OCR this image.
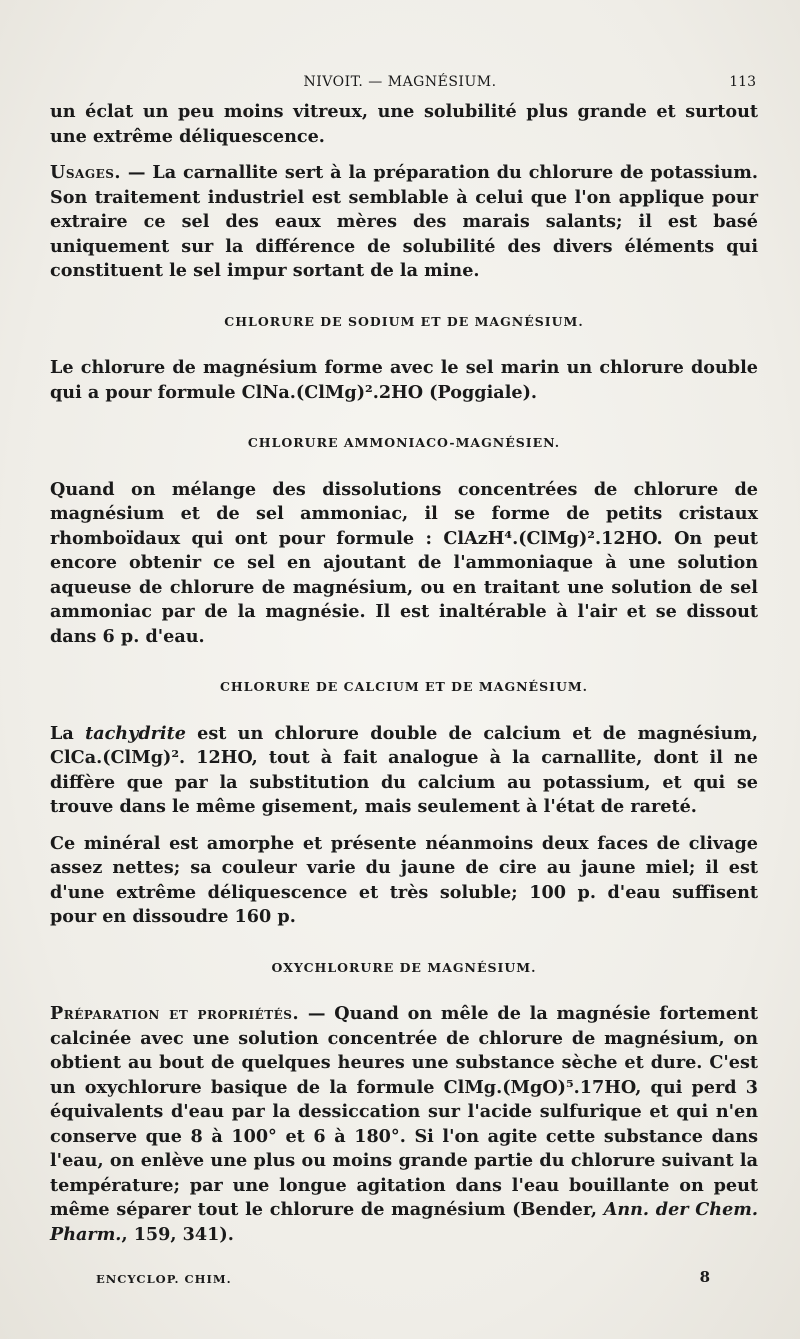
NIVOIT. — MAGNÉSIUM.	113

un éclat un peu moins vitreux, une solubilité plus grande et surtout une extrême déliquescence.

Usages. — La carnallite sert à la préparation du chlorure de potassium. Son traitement industriel est semblable à celui que l'on applique pour extraire ce sel des eaux mères des marais salants; il est basé uniquement sur la différence de solubilité des divers éléments qui constituent le sel impur sortant de la mine.

CHLORURE DE SODIUM ET DE MAGNÉSIUM.

Le chlorure de magnésium forme avec le sel marin un chlorure double qui a pour formule ClNa.(ClMg)².2HO (Poggiale).

CHLORURE AMMONIACO-MAGNÉSIEN.

Quand on mélange des dissolutions concentrées de chlorure de magnésium et de sel ammoniac, il se forme de petits cristaux rhomboïdaux qui ont pour formule : ClAzH⁴.(ClMg)².12HO. On peut encore obtenir ce sel en ajoutant de l'ammoniaque à une solution aqueuse de chlorure de magnésium, ou en traitant une solution de sel ammoniac par de la magnésie. Il est inaltérable à l'air et se dissout dans 6 p. d'eau.

CHLORURE DE CALCIUM ET DE MAGNÉSIUM.

La tachydrite est un chlorure double de calcium et de magnésium, ClCa.(ClMg)². 12HO, tout à fait analogue à la carnallite, dont il ne diffère que par la substitution du calcium au potassium, et qui se trouve dans le même gisement, mais seulement à l'état de rareté.

Ce minéral est amorphe et présente néanmoins deux faces de clivage assez nettes; sa couleur varie du jaune de cire au jaune miel; il est d'une extrême déliquescence et très soluble; 100 p. d'eau suffisent pour en dissoudre 160 p.

OXYCHLORURE DE MAGNÉSIUM.

Préparation et propriétés. — Quand on mêle de la magnésie fortement calcinée avec une solution concentrée de chlorure de magnésium, on obtient au bout de quelques heures une substance sèche et dure. C'est un oxychlorure basique de la formule ClMg.(MgO)⁵.17HO, qui perd 3 équivalents d'eau par la dessiccation sur l'acide sulfurique et qui n'en conserve que 8 à 100° et 6 à 180°. Si l'on agite cette substance dans l'eau, on enlève une plus ou moins grande partie du chlorure suivant la température; par une longue agitation dans l'eau bouillante on peut même séparer tout le chlorure de magnésium (Bender, Ann. der Chem. Pharm., 159, 341).

ENCYCLOP. CHIM.	8
